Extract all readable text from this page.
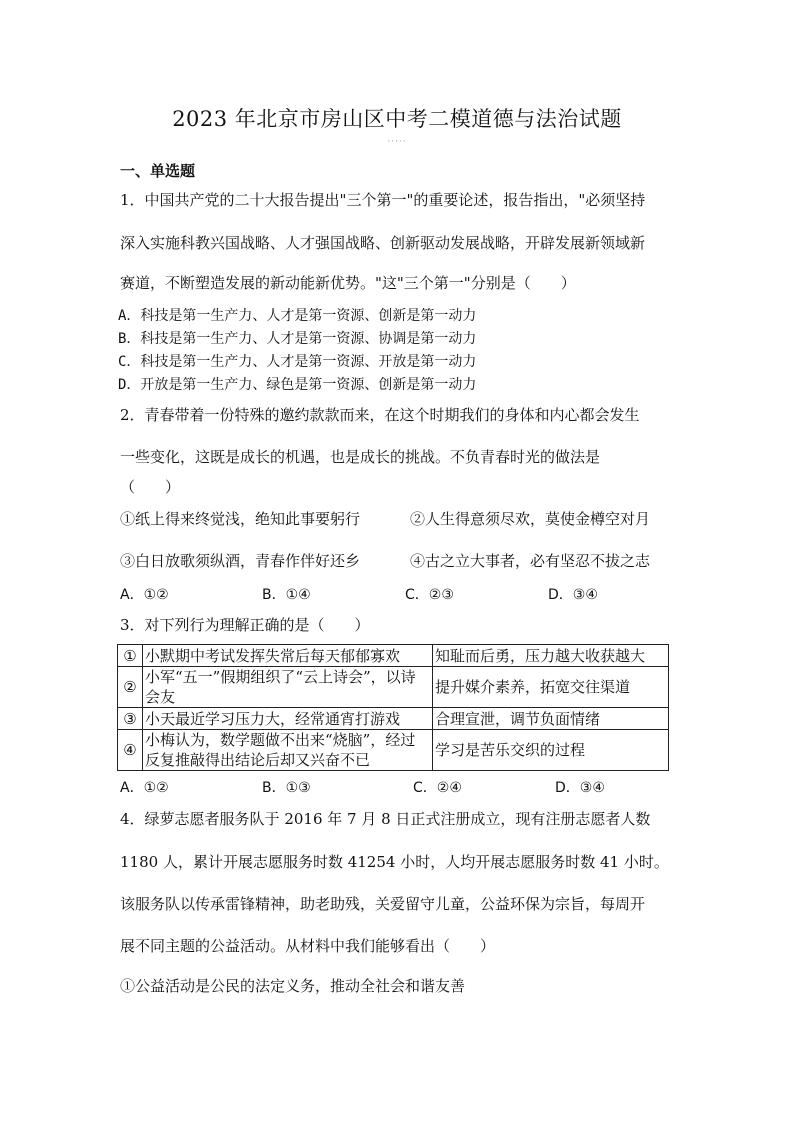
2023 年北京市房山区中考二模道德与法治试题
·····
一、单选题
1．中国共产党的二十大报告提出"三个第一"的重要论述，报告指出，"必须坚持
深入实施科教兴国战略、人才强国战略、创新驱动发展战略，开辟发展新领域新
赛道，不断塑造发展的新动能新优势。"这"三个第一"分别是（　　）
A．科技是第一生产力、人才是第一资源、创新是第一动力
B．科技是第一生产力、人才是第一资源、协调是第一动力
C．科技是第一生产力、人才是第一资源、开放是第一动力
D．开放是第一生产力、绿色是第一资源、创新是第一动力
2．青春带着一份特殊的邀约款款而来，在这个时期我们的身体和内心都会发生
一些变化，这既是成长的机遇，也是成长的挑战。不负青春时光的做法是
（　　）
①纸上得来终觉浅，绝知此事要躬行	②人生得意须尽欢，莫使金樽空对月
③白日放歌须纵酒，青春作伴好还乡	④古之立大事者，必有坚忍不拔之志
A．①②	B．①④	C．②③	D．③④
3．对下列行为理解正确的是（　　）
①	小默期中考试发挥失常后每天郁郁寡欢	知耻而后勇，压力越大收获越大
②	小军“五一”假期组织了“云上诗会”，以诗会友	提升媒介素养，拓宽交往渠道
③	小天最近学习压力大，经常通宵打游戏	合理宣泄，调节负面情绪
④	小梅认为，数学题做不出来“烧脑”，经过反复推敲得出结论后却又兴奋不已	学习是苦乐交织的过程
A．①②	B．①③	C．②④	D．③④
4．绿萝志愿者服务队于 2016 年 7 月 8 日正式注册成立，现有注册志愿者人数
1180 人，累计开展志愿服务时数 41254 小时，人均开展志愿服务时数 41 小时。
该服务队以传承雷锋精神，助老助残，关爱留守儿童，公益环保为宗旨，每周开
展不同主题的公益活动。从材料中我们能够看出（　　）
①公益活动是公民的法定义务，推动全社会和谐友善
